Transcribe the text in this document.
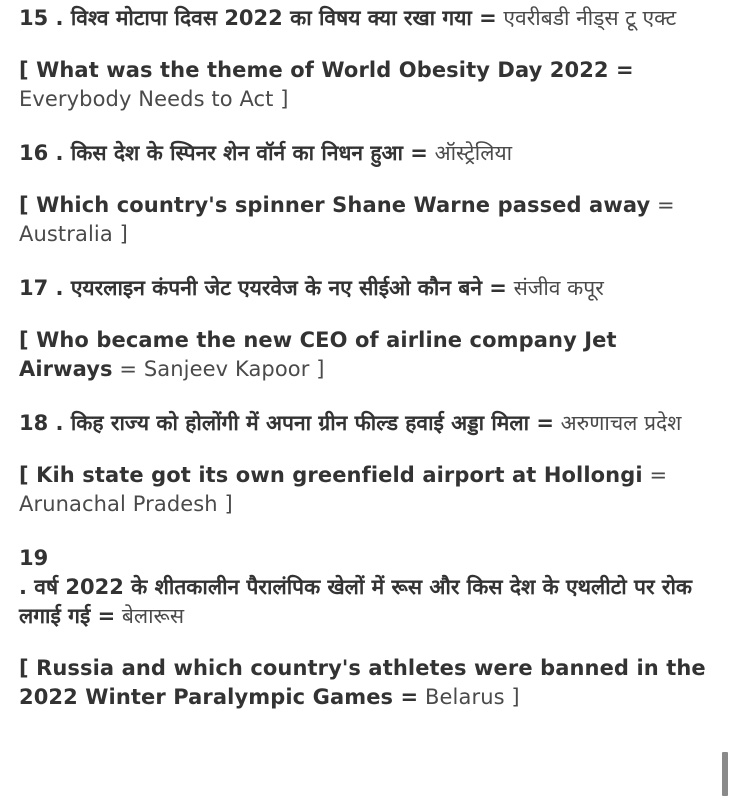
15 . विश्व मोटापा दिवस 2022 का विषय क्या रखा गया = एवरीबडी नीड्स टू एक्ट

[ What was the theme of World Obesity Day 2022 = Everybody Needs to Act ]

16 . किस देश के स्पिनर शेन वॉर्न का निधन हुआ = ऑस्ट्रेलिया

[ Which country's spinner Shane Warne passed away = Australia ]

17 . एयरलाइन कंपनी जेट एयरवेज के नए सीईओ कौन बने = संजीव कपूर

[ Who became the new CEO of airline company Jet Airways = Sanjeev Kapoor ]

18 . किह राज्य को होलोंगी में अपना ग्रीन फील्ड हवाई अड्डा मिला = अरुणाचल प्रदेश

[ Kih state got its own greenfield airport at Hollongi = Arunachal Pradesh ]

19
. वर्ष 2022 के शीतकालीन पैरालंपिक खेलों में रूस और किस देश के एथलीटो पर रोक लगाई गई = बेलारूस

[ Russia and which country's athletes were banned in the 2022 Winter Paralympic Games = Belarus ]
